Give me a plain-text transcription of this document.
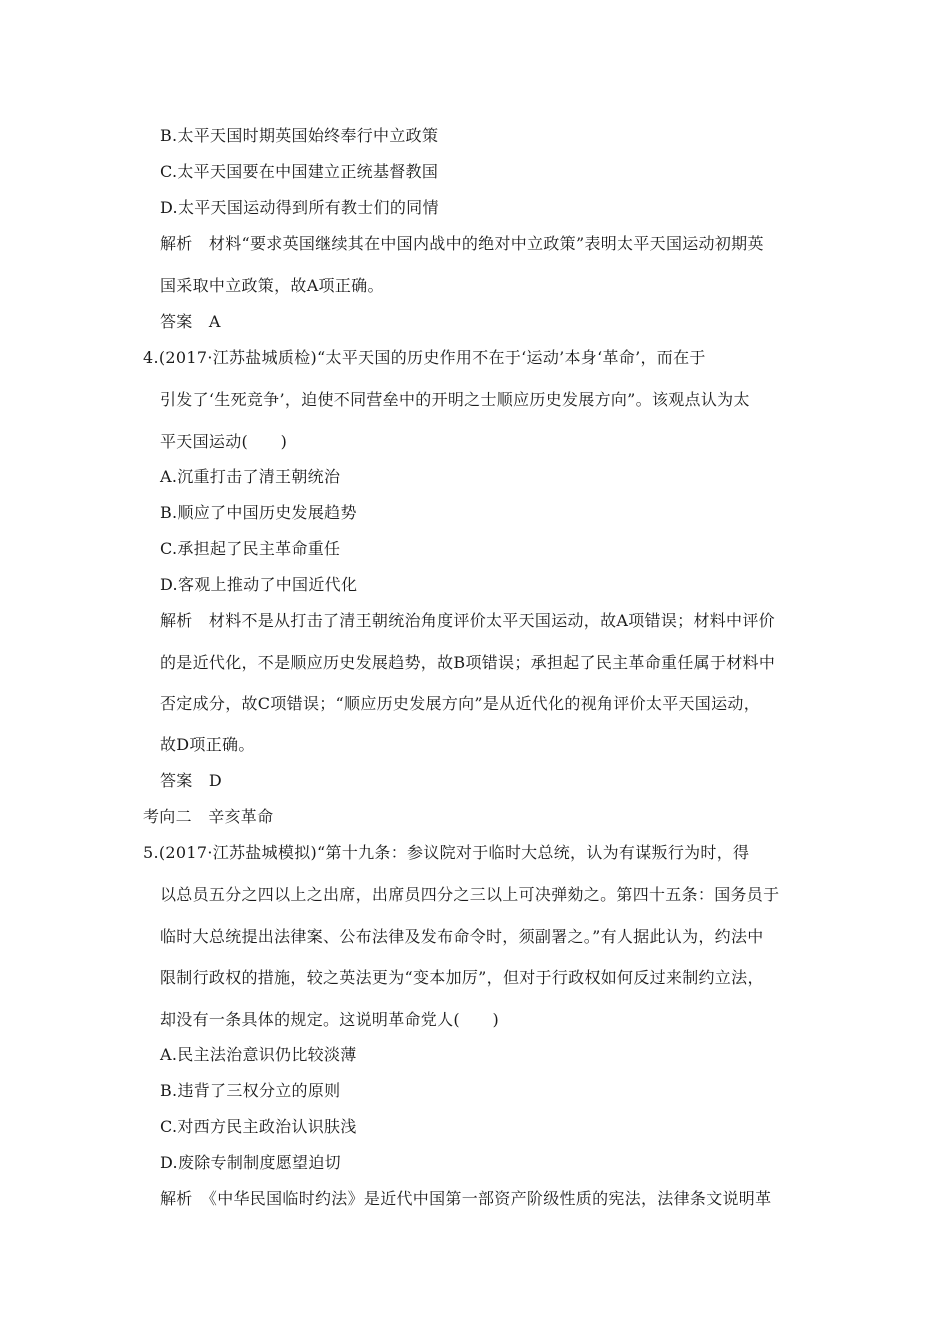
B.太平天国时期英国始终奉行中立政策
C.太平天国要在中国建立正统基督教国
D.太平天国运动得到所有教士们的同情
解析　材料“要求英国继续其在中国内战中的绝对中立政策”表明太平天国运动初期英
国采取中立政策，故A项正确。
答案　A
4.(2017·江苏盐城质检)“太平天国的历史作用不在于‘运动’本身‘革命’，而在于
引发了‘生死竞争’，迫使不同营垒中的开明之士顺应历史发展方向”。该观点认为太
平天国运动(　　)
A.沉重打击了清王朝统治
B.顺应了中国历史发展趋势
C.承担起了民主革命重任
D.客观上推动了中国近代化
解析　材料不是从打击了清王朝统治角度评价太平天国运动，故A项错误；材料中评价
的是近代化，不是顺应历史发展趋势，故B项错误；承担起了民主革命重任属于材料中
否定成分，故C项错误；“顺应历史发展方向”是从近代化的视角评价太平天国运动，
故D项正确。
答案　D
考向二　辛亥革命
5.(2017·江苏盐城模拟)“第十九条：参议院对于临时大总统，认为有谋叛行为时，得
以总员五分之四以上之出席，出席员四分之三以上可决弹劾之。第四十五条：国务员于
临时大总统提出法律案、公布法律及发布命令时，须副署之。”有人据此认为，约法中
限制行政权的措施，较之英法更为“变本加厉”，但对于行政权如何反过来制约立法，
却没有一条具体的规定。这说明革命党人(　　)
A.民主法治意识仍比较淡薄
B.违背了三权分立的原则
C.对西方民主政治认识肤浅
D.废除专制制度愿望迫切
解析　《中华民国临时约法》是近代中国第一部资产阶级性质的宪法，法律条文说明革
